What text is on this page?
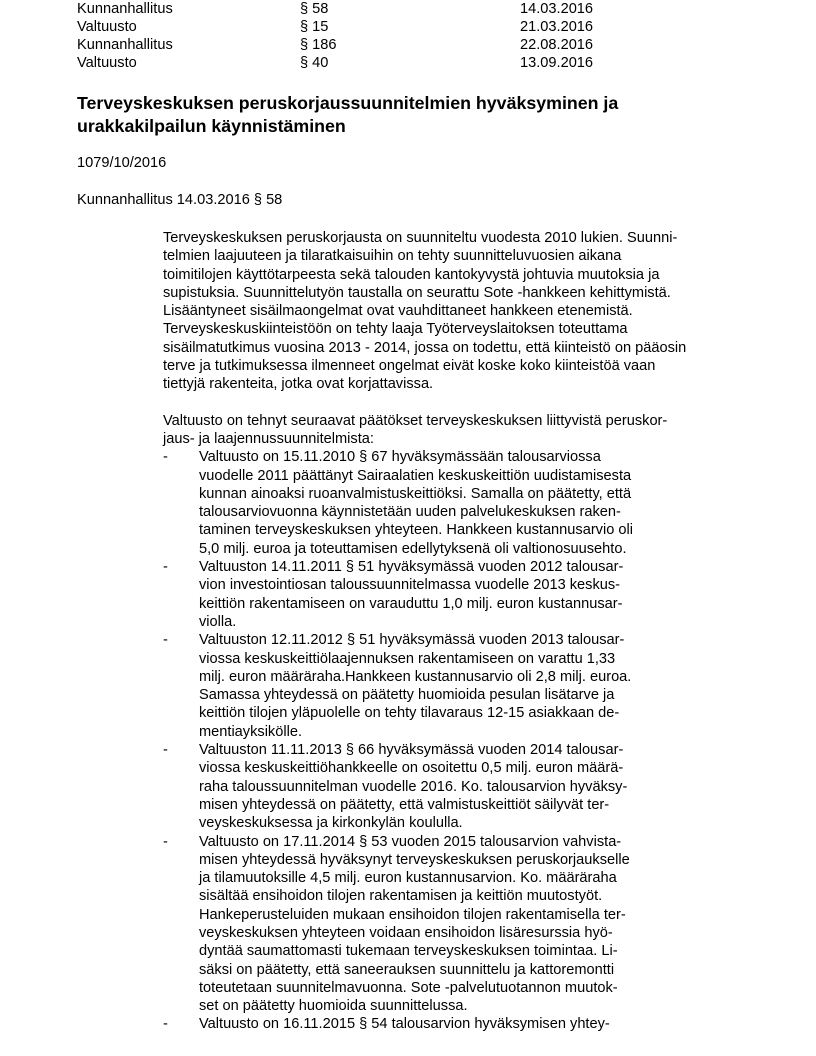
Kunnanhallitus	§ 58	14.03.2016
Valtuusto	§ 15	21.03.2016
Kunnanhallitus	§ 186	22.08.2016
Valtuusto	§ 40	13.09.2016
Terveyskeskuksen peruskorjaussuunnitelmien hyväksyminen ja
urakkakilpailun käynnistäminen
1079/10/2016
Kunnanhallitus 14.03.2016 § 58

Terveyskeskuksen peruskorjausta on suunniteltu vuodesta 2010 lukien. Suunni-
telmien laajuuteen ja tilaratkaisuihin on tehty suunnitteluvuosien aikana
toimitilojen käyttötarpeesta sekä talouden kantokyvystä johtuvia muutoksia ja
supistuksia. Suunnittelutyön taustalla on seurattu Sote -hankkeen kehittymistä.
Lisääntyneet sisäilmaongelmat ovat vauhdittaneet hankkeen etenemistä.
Terveyskeskuskiinteistöön on tehty laaja Työterveyslaitoksen toteuttama
sisäilmatutkimus vuosina 2013 - 2014, jossa on todettu, että kiinteistö on pääosin
terve ja tutkimuksessa ilmenneet ongelmat eivät koske koko kiinteistöä vaan
tiettyjä rakenteita, jotka ovat korjattavissa.

Valtuusto on tehnyt seuraavat päätökset terveyskeskuksen liittyvistä peruskor-
jaus- ja laajennussuunnitelmista:

- Valtuusto on 15.11.2010 § 67 hyväksymässään talousarviossa
vuodelle 2011 päättänyt Sairaalatien keskuskeittiön uudistamisesta
kunnan ainoaksi ruoanvalmistuskeittiöksi. Samalla on päätetty, että
talousarviovuonna käynnistetään uuden palvelukeskuksen raken-
taminen terveyskeskuksen yhteyteen. Hankkeen kustannusarvio oli
5,0 milj. euroa ja toteuttamisen edellytyksenä oli valtionosuusehto.
- Valtuuston 14.11.2011 § 51 hyväksymässä vuoden 2012 talousar-
vion investointiosan taloussuunnitelmassa vuodelle 2013 keskus-
keittiön rakentamiseen on varauduttu 1,0 milj. euron kustannusar-
violla.
- Valtuuston 12.11.2012 § 51 hyväksymässä vuoden 2013 talousar-
viossa keskuskeittiölaajennuksen rakentamiseen on varattu 1,33
milj. euron määräraha.Hankkeen kustannusarvio oli 2,8 milj. euroa.
Samassa yhteydessä on päätetty huomioida pesulan lisätarve ja
keittiön tilojen yläpuolelle on tehty tilavaraus 12-15 asiakkaan de-
mentiayksikölle.
- Valtuuston 11.11.2013 § 66 hyväksymässä vuoden 2014 talousar-
viossa keskuskeittiöhankkeelle on osoitettu 0,5 milj. euron määrä-
raha taloussuunnitelman vuodelle 2016. Ko. talousarvion hyväksy-
misen yhteydessä on päätetty, että valmistuskeittiöt säilyvät ter-
veyskeskuksessa ja kirkonkylän koululla.
- Valtuusto on 17.11.2014 § 53 vuoden 2015 talousarvion vahvista-
misen yhteydessä hyväksynyt terveyskeskuksen peruskorjaukselle
ja tilamuutoksille 4,5 milj. euron kustannusarvion. Ko. määräraha
sisältää ensihoidon tilojen rakentamisen ja keittiön muutostyöt.
Hankeperusteluiden mukaan ensihoidon tilojen rakentamisella ter-
veyskeskuksen yhteyteen voidaan ensihoidon lisäresurssia hyö-
dyntää saumattomasti tukemaan terveyskeskuksen toimintaa. Li-
säksi on päätetty, että saneerauksen suunnittelu ja kattoremontti
toteutetaan suunnitelmavuonna. Sote -palvelutuotannon muutok-
set on päätetty huomioida suunnittelussa.
- Valtuusto on 16.11.2015 § 54 talousarvion hyväksymisen yhtey-
